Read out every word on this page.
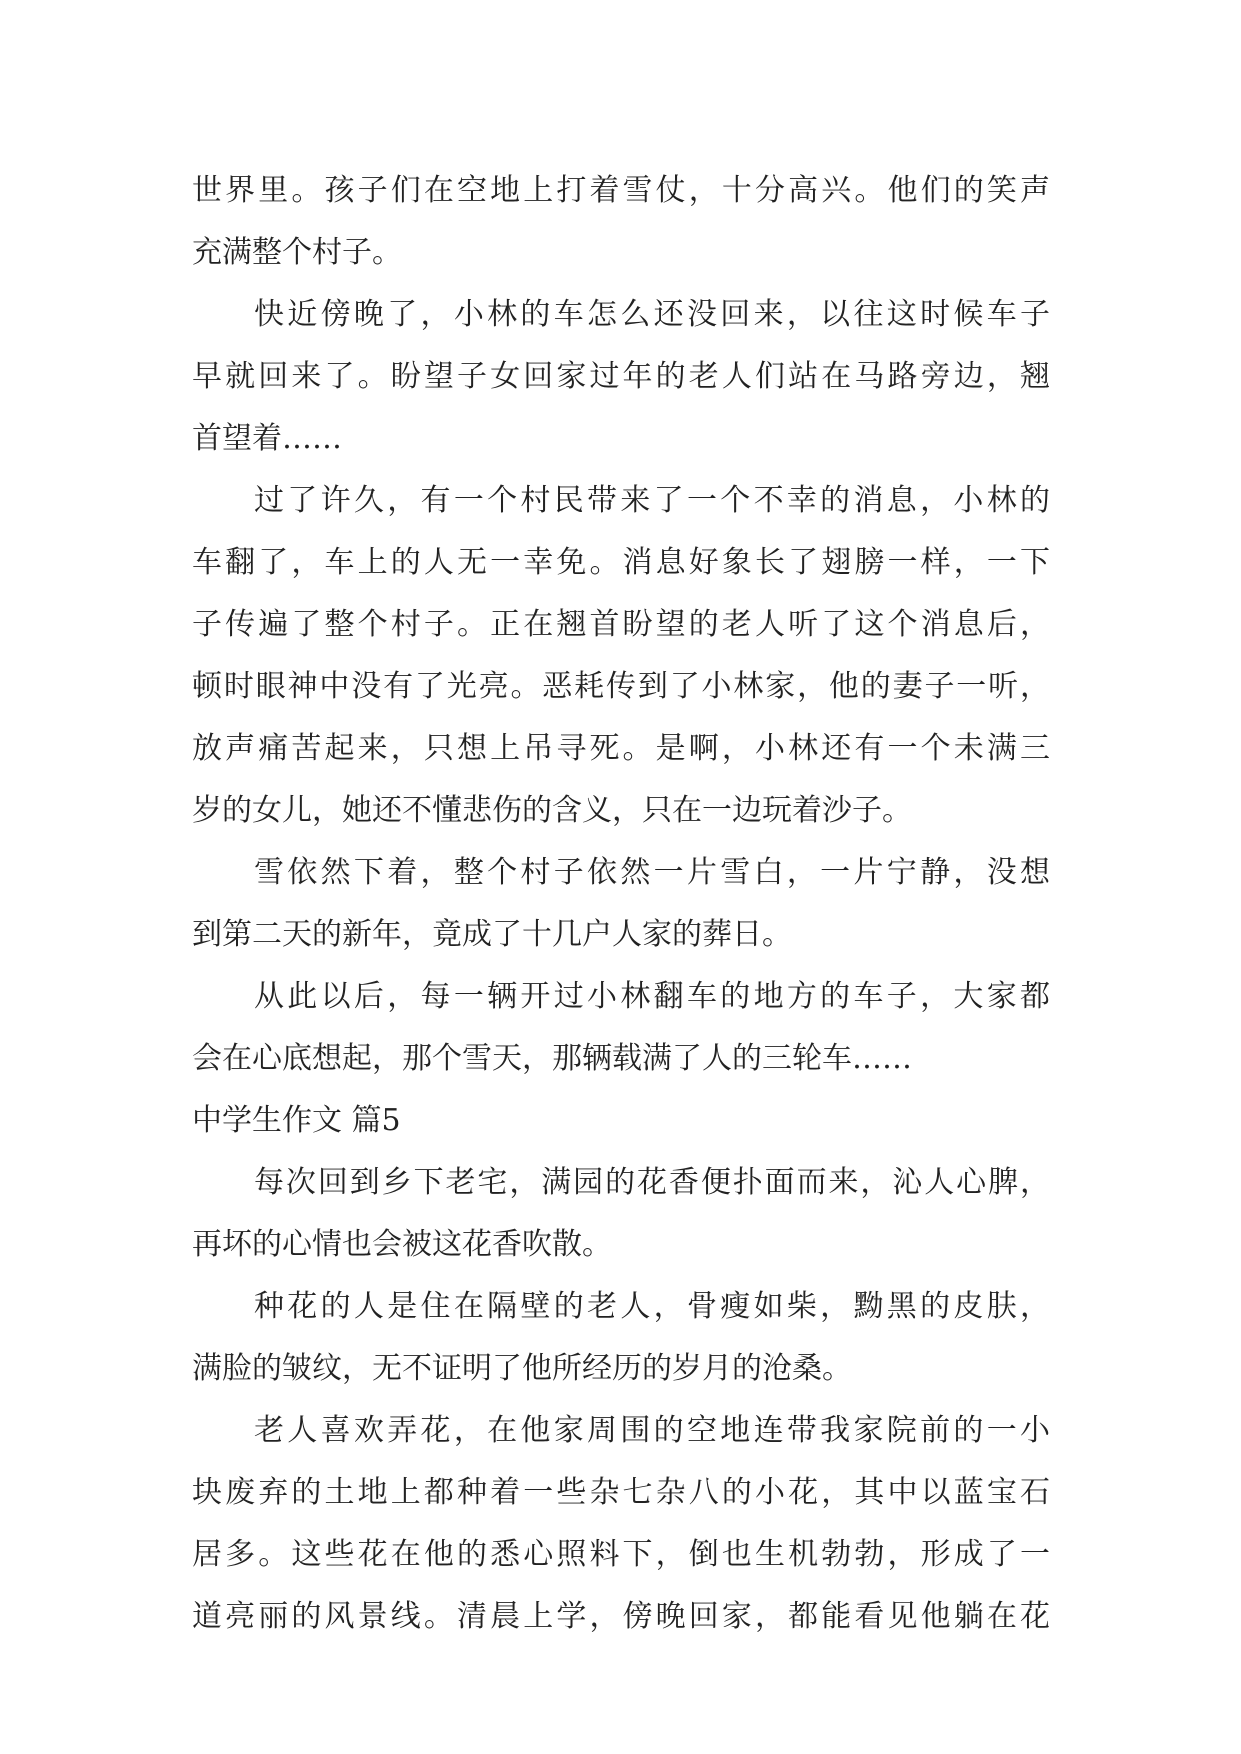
世界里。孩子们在空地上打着雪仗，十分高兴。他们的笑声
充满整个村子。
快近傍晚了，小林的车怎么还没回来，以往这时候车子
早就回来了。盼望子女回家过年的老人们站在马路旁边，翘
首望着……
过了许久，有一个村民带来了一个不幸的消息，小林的
车翻了，车上的人无一幸免。消息好象长了翅膀一样，一下
子传遍了整个村子。正在翘首盼望的老人听了这个消息后，
顿时眼神中没有了光亮。恶耗传到了小林家，他的妻子一听，
放声痛苦起来，只想上吊寻死。是啊，小林还有一个未满三
岁的女儿，她还不懂悲伤的含义，只在一边玩着沙子。
雪依然下着，整个村子依然一片雪白，一片宁静，没想
到第二天的新年，竟成了十几户人家的葬日。
从此以后，每一辆开过小林翻车的地方的车子，大家都
会在心底想起，那个雪天，那辆载满了人的三轮车……
中学生作文 篇5
每次回到乡下老宅，满园的花香便扑面而来，沁人心脾，
再坏的心情也会被这花香吹散。
种花的人是住在隔壁的老人，骨瘦如柴，黝黑的皮肤，
满脸的皱纹，无不证明了他所经历的岁月的沧桑。
老人喜欢弄花，在他家周围的空地连带我家院前的一小
块废弃的土地上都种着一些杂七杂八的小花，其中以蓝宝石
居多。这些花在他的悉心照料下，倒也生机勃勃，形成了一
道亮丽的风景线。清晨上学，傍晚回家，都能看见他躺在花
